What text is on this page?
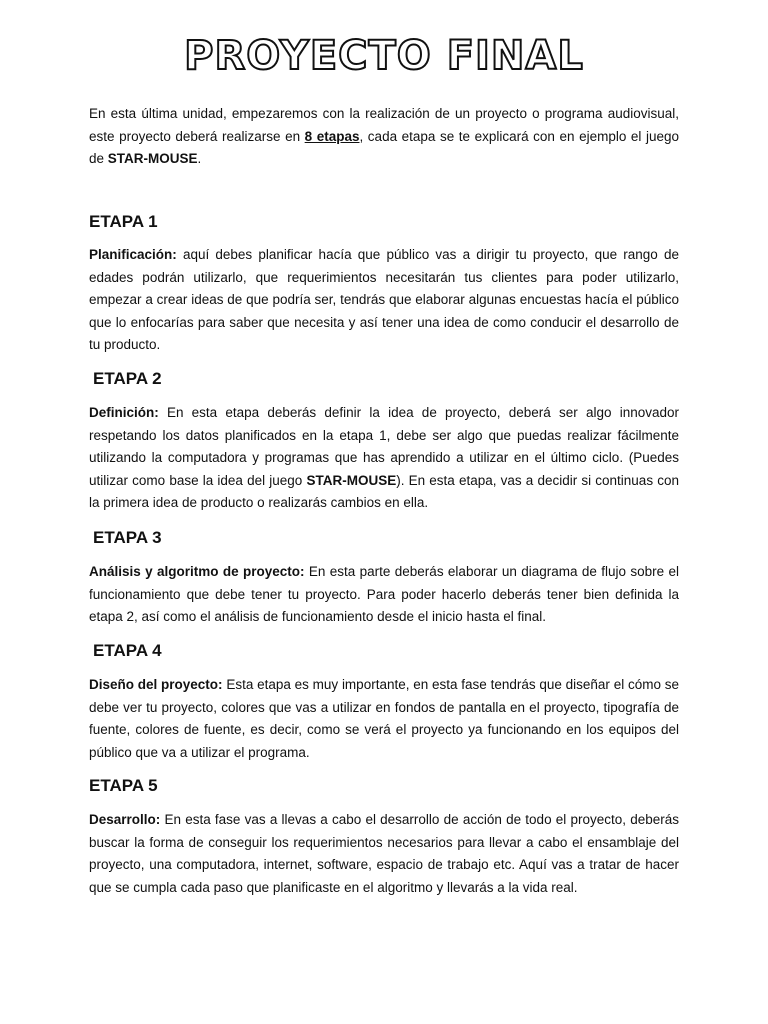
PROYECTO FINAL

En esta última unidad, empezaremos con la realización de un proyecto o programa audiovisual, este proyecto deberá realizarse en 8 etapas, cada etapa se te explicará con en ejemplo el juego de STAR-MOUSE.

ETAPA 1

Planificación: aquí debes planificar hacía que público vas a dirigir tu proyecto, que rango de edades podrán utilizarlo, que requerimientos necesitarán tus clientes para poder utilizarlo, empezar a crear ideas de que podría ser, tendrás que elaborar algunas encuestas hacía el público que lo enfocarías para saber que necesita y así tener una idea de como conducir el desarrollo de tu producto.

ETAPA 2

Definición: En esta etapa deberás definir la idea de proyecto, deberá ser algo innovador respetando los datos planificados en la etapa 1, debe ser algo que puedas realizar fácilmente utilizando la computadora y programas que has aprendido a utilizar en el último ciclo. (Puedes utilizar como base la idea del juego STAR-MOUSE). En esta etapa, vas a decidir si continuas con la primera idea de producto o realizarás cambios en ella.

ETAPA 3

Análisis y algoritmo de proyecto: En esta parte deberás elaborar un diagrama de flujo sobre el funcionamiento que debe tener tu proyecto. Para poder hacerlo deberás tener bien definida la etapa 2, así como el análisis de funcionamiento desde el inicio hasta el final.

ETAPA 4

Diseño del proyecto: Esta etapa es muy importante, en esta fase tendrás que diseñar el cómo se debe ver tu proyecto, colores que vas a utilizar en fondos de pantalla en el proyecto, tipografía de fuente, colores de fuente, es decir, como se verá el proyecto ya funcionando en los equipos del público que va a utilizar el programa.

ETAPA 5

Desarrollo: En esta fase vas a llevas a cabo el desarrollo de acción de todo el proyecto, deberás buscar la forma de conseguir los requerimientos necesarios para llevar a cabo el ensamblaje del proyecto, una computadora, internet, software, espacio de trabajo etc. Aquí vas a tratar de hacer que se cumpla cada paso que planificaste en el algoritmo y llevarás a la vida real.
